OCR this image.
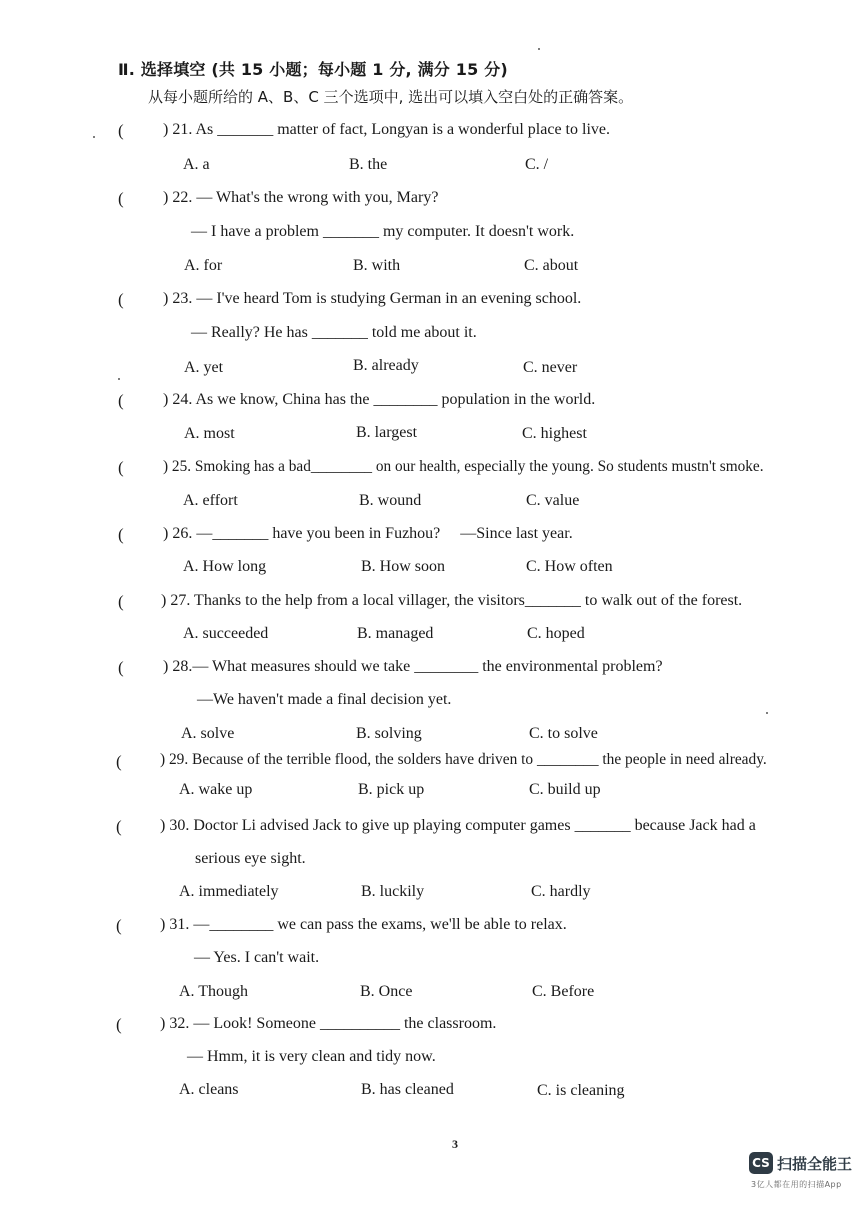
Ⅱ. 选择填空 (共 15 小题；每小题 1 分, 满分 15 分)
从每小题所给的 A、B、C 三个选项中, 选出可以填入空白处的正确答案。
( ) 21. As _______ matter of fact, Longyan is a wonderful place to live.
A. a	B. the	C. /
( ) 22. — What's the wrong with you, Mary?
— I have a problem _______ my computer. It doesn't work.
A. for	B. with	C. about
( ) 23. — I've heard Tom is studying German in an evening school.
— Really? He has _______ told me about it.
A. yet	B. already	C. never
( ) 24. As we know, China has the ________ population in the world.
A. most	B. largest	C. highest
(	) 25. Smoking has a bad________ on our health, especially the young. So students mustn't smoke.
A. effort	B. wound	C. value
( ) 26. —_______ have you been in Fuzhou?     —Since last year.
A. How long	B. How soon	C. How often
( ) 27. Thanks to the help from a local villager, the visitors_______ to walk out of the forest.
A. succeeded	B. managed	C. hoped
( ) 28.— What measures should we take ________ the environmental problem?
—We haven't made a final decision yet.
A. solve	B. solving	C. to solve
( ) 29. Because of the terrible flood, the solders have driven to ________ the people in need already.
A. wake up	B. pick up	C. build up
( ) 30. Doctor Li advised Jack to give up playing computer games _______ because Jack had a
serious eye sight.
A. immediately	B. luckily	C. hardly
( ) 31. —________ we can pass the exams, we'll be able to relax.
— Yes. I can't wait.
A. Though	B. Once	C. Before
( ) 32. — Look! Someone __________ the classroom.
— Hmm, it is very clean and tidy now.
A. cleans	B. has cleaned	C. is cleaning
3
CS 扫描全能王
3亿人都在用的扫描App
